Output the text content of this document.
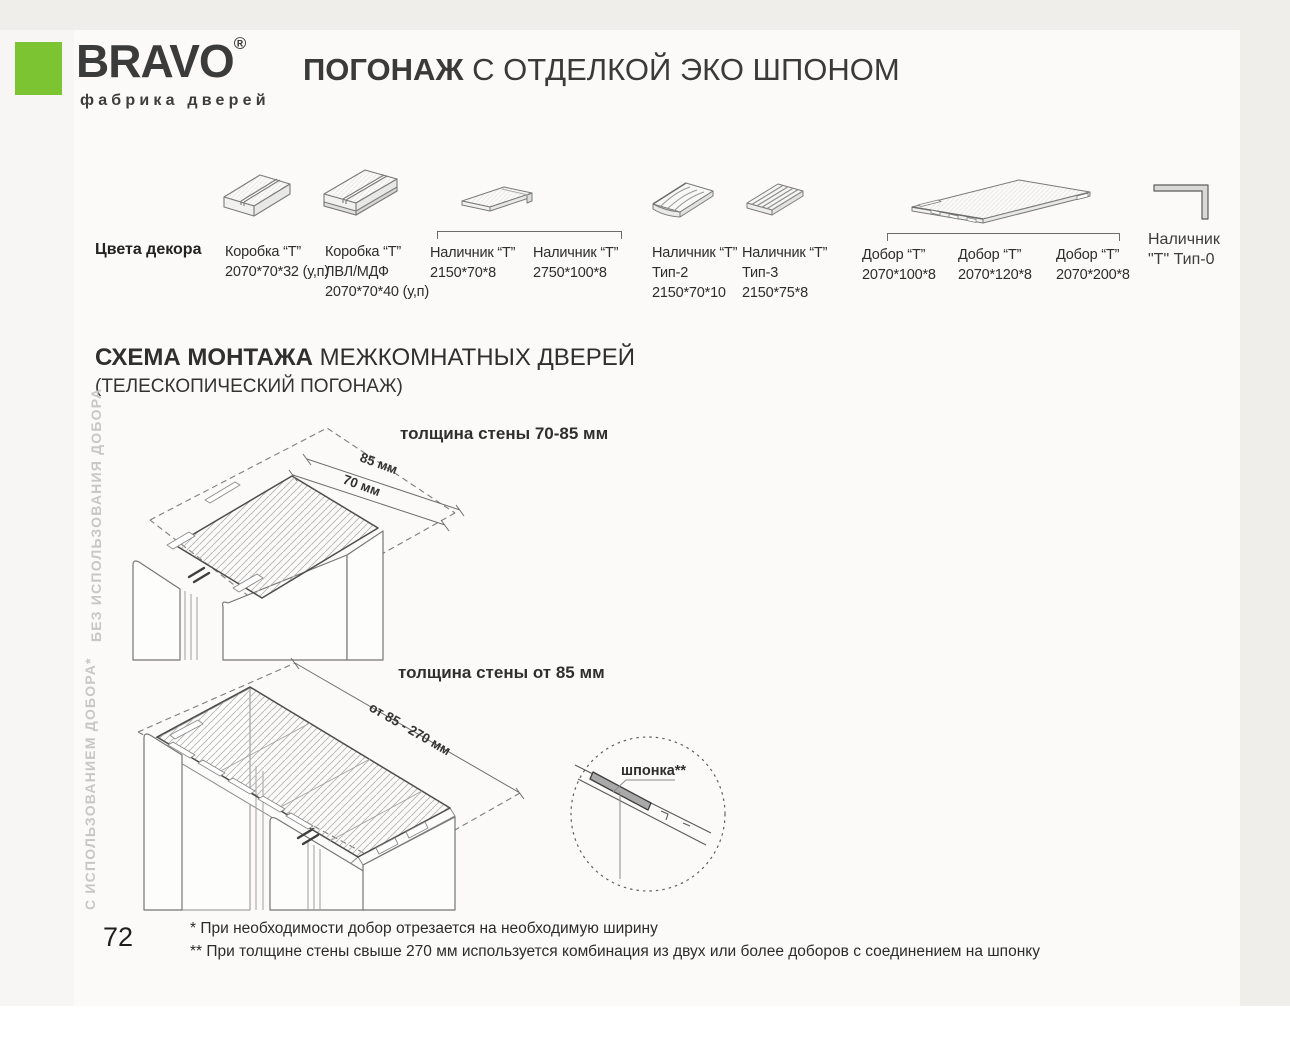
BRAVO®
фабрика дверей
ПОГОНАЖ С ОТДЕЛКОЙ ЭКО ШПОНОМ
Цвета декора Коробка “Т”
2070*70*32 (у,п)
Коробка “Т”
ЛВЛ/МДФ
2070*70*40 (у,п)
Наличник “Т”
2150*70*8
Наличник “Т”
2750*100*8
Наличник “Т”
Тип-2
2150*70*10
Наличник “Т”
Тип-3
2150*75*8
Добор “Т”
2070*100*8
Добор “Т”
2070*120*8
Добор “Т”
2070*200*8
Наличник
"Т" Тип-0
СХЕМА МОНТАЖА МЕЖКОМНАТНЫХ ДВЕРЕЙ
(ТЕЛЕСКОПИЧЕСКИЙ ПОГОНАЖ)
БЕЗ ИСПОЛЬЗОВАНИЯ ДОБОРА
С ИСПОЛЬЗОВАНИЕМ ДОБОРА*
толщина стены 70-85 мм
85 мм
70 мм
толщина стены от 85 мм
от 85 - 270 мм
шпонка**
72	* При необходимости добор отрезается на необходимую ширину
** При толщине стены свыше 270 мм используется комбинация из двух или более доборов с соединением на шпонку
